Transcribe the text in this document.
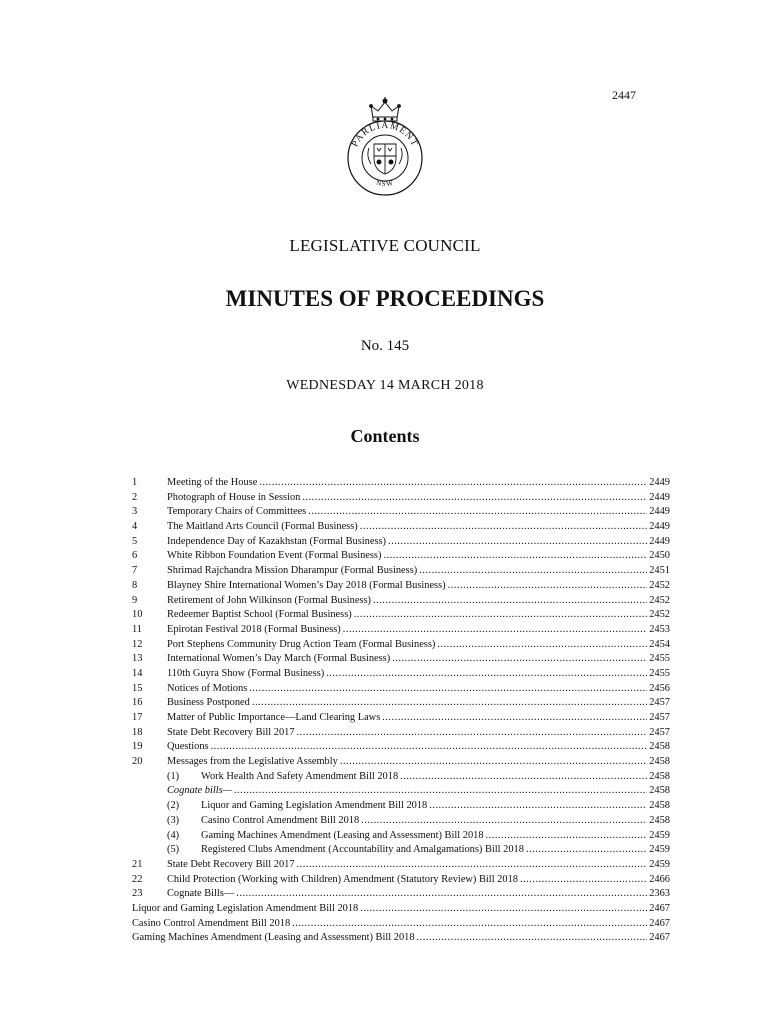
2447
PARLIAMENT
NSW
LEGISLATIVE COUNCIL
MINUTES OF PROCEEDINGS
No. 145
WEDNESDAY 14 MARCH 2018
Contents
1	Meeting of the House .....	2449
2	Photograph of House in Session .....	2449
3	Temporary Chairs of Committees .....	2449
4	The Maitland Arts Council (Formal Business) .....	2449
5	Independence Day of Kazakhstan (Formal Business) .....	2449
6	White Ribbon Foundation Event (Formal Business) .....	2450
7	Shrimad Rajchandra Mission Dharampur (Formal Business) .....	2451
8	Blayney Shire International Women’s Day 2018 (Formal Business) .....	2452
9	Retirement of John Wilkinson (Formal Business) .....	2452
10	Redeemer Baptist School (Formal Business) .....	2452
11	Epirotan Festival 2018 (Formal Business) .....	2453
12	Port Stephens Community Drug Action Team (Formal Business) .....	2454
13	International Women’s Day March (Formal Business) .....	2455
14	110th Guyra Show (Formal Business) .....	2455
15	Notices of Motions .....	2456
16	Business Postponed .....	2457
17	Matter of Public Importance—Land Clearing Laws .....	2457
18	State Debt Recovery Bill 2017 .....	2457
19	Questions .....	2458
20	Messages from the Legislative Assembly .....	2458
(1)	Work Health And Safety Amendment Bill 2018 .....	2458
Cognate bills— .....	2458
(2)	Liquor and Gaming Legislation Amendment Bill 2018 .....	2458
(3)	Casino Control Amendment Bill 2018 .....	2458
(4)	Gaming Machines Amendment (Leasing and Assessment) Bill 2018 .....	2459
(5)	Registered Clubs Amendment (Accountability and Amalgamations) Bill 2018 .....	2459
21	State Debt Recovery Bill 2017 .....	2459
22	Child Protection (Working with Children) Amendment (Statutory Review) Bill 2018 .....	2466
23	Cognate Bills— .....	2363
Liquor and Gaming Legislation Amendment Bill 2018 .....	2467
Casino Control Amendment Bill 2018 .....	2467
Gaming Machines Amendment (Leasing and Assessment) Bill 2018 .....	2467
